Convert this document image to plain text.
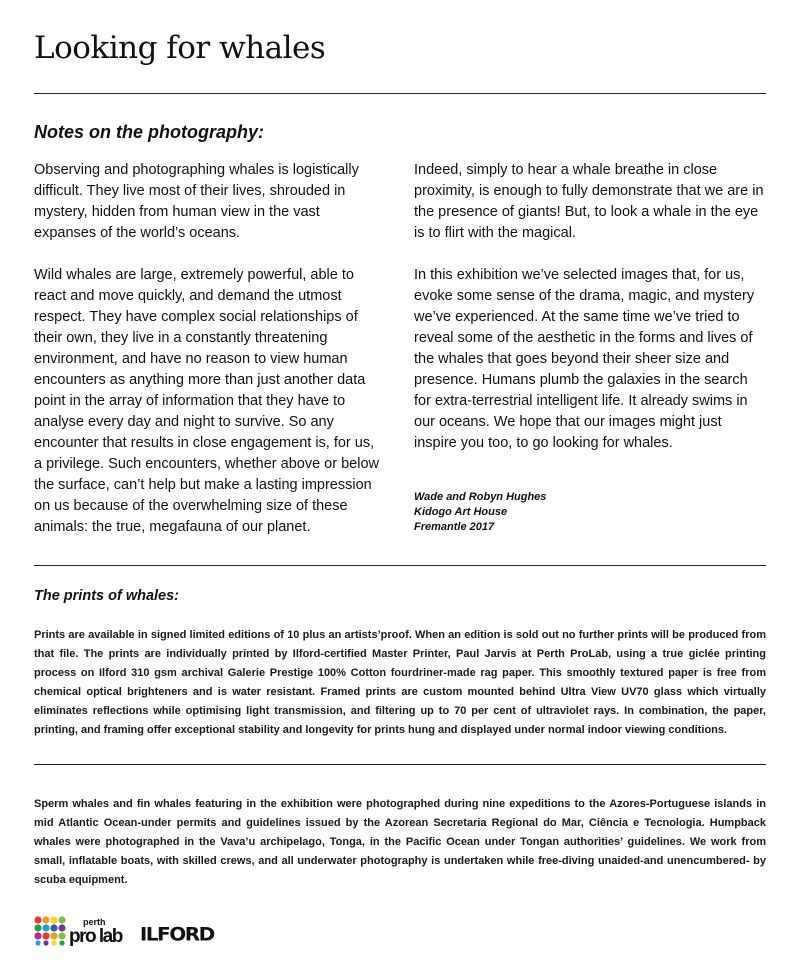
Looking for whales
Notes on the photography:

Observing and photographing whales is logistically difficult. They live most of their lives, shrouded in mystery, hidden from human view in the vast expanses of the world’s oceans.

Wild whales are large, extremely powerful, able to react and move quickly, and demand the utmost respect. They have complex social relationships of their own, they live in a constantly threatening environment, and have no reason to view human encounters as anything more than just another data point in the array of information that they have to analyse every day and night to survive. So any encounter that results in close engagement is, for us, a privilege. Such encounters, whether above or below the surface, can’t help but make a lasting impression on us because of the overwhelming size of these animals: the true, megafauna of our planet.

Indeed, simply to hear a whale breathe in close proximity, is enough to fully demonstrate that we are in the presence of giants! But, to look a whale in the eye is to flirt with the magical.

In this exhibition we’ve selected images that, for us, evoke some sense of the drama, magic, and mystery we’ve experienced. At the same time we’ve tried to reveal some of the aesthetic in the forms and lives of the whales that goes beyond their sheer size and presence. Humans plumb the galaxies in the search for extra-terrestrial intelligent life. It already swims in our oceans. We hope that our images might just inspire you too, to go looking for whales.

Wade and Robyn Hughes
Kidogo Art House
Fremantle 2017
The prints of whales:
Prints are available in signed limited editions of 10 plus an artists’proof. When an edition is sold out no further prints will be produced from that file. The prints are individually printed by Ilford-certified Master Printer, Paul Jarvis at Perth ProLab, using a true giclée printing process on Ilford 310 gsm archival Galerie Prestige 100% Cotton fourdriner-made rag paper. This smoothly textured paper is free from chemical optical brighteners and is water resistant. Framed prints are custom mounted behind Ultra View UV70 glass which virtually eliminates reflections while optimising light transmission, and filtering up to 70 per cent of ultraviolet rays. In combination, the paper, printing, and framing offer exceptional stability and longevity for prints hung and displayed under normal indoor viewing conditions.
Sperm whales and fin whales featuring in the exhibition were photographed during nine expeditions to the Azores-Portuguese islands in mid Atlantic Ocean-under permits and guidelines issued by the Azorean Secretaria Regional do Mar, Ciência e Tecnologia. Humpback whales were photographed in the Vava’u archipelago, Tonga, in the Pacific Ocean under Tongan authorities’ guidelines. We work from small, inflatable boats, with skilled crews, and all underwater photography is undertaken while free-diving unaided-and unencumbered- by scuba equipment.
perth
pro lab ILFORD
